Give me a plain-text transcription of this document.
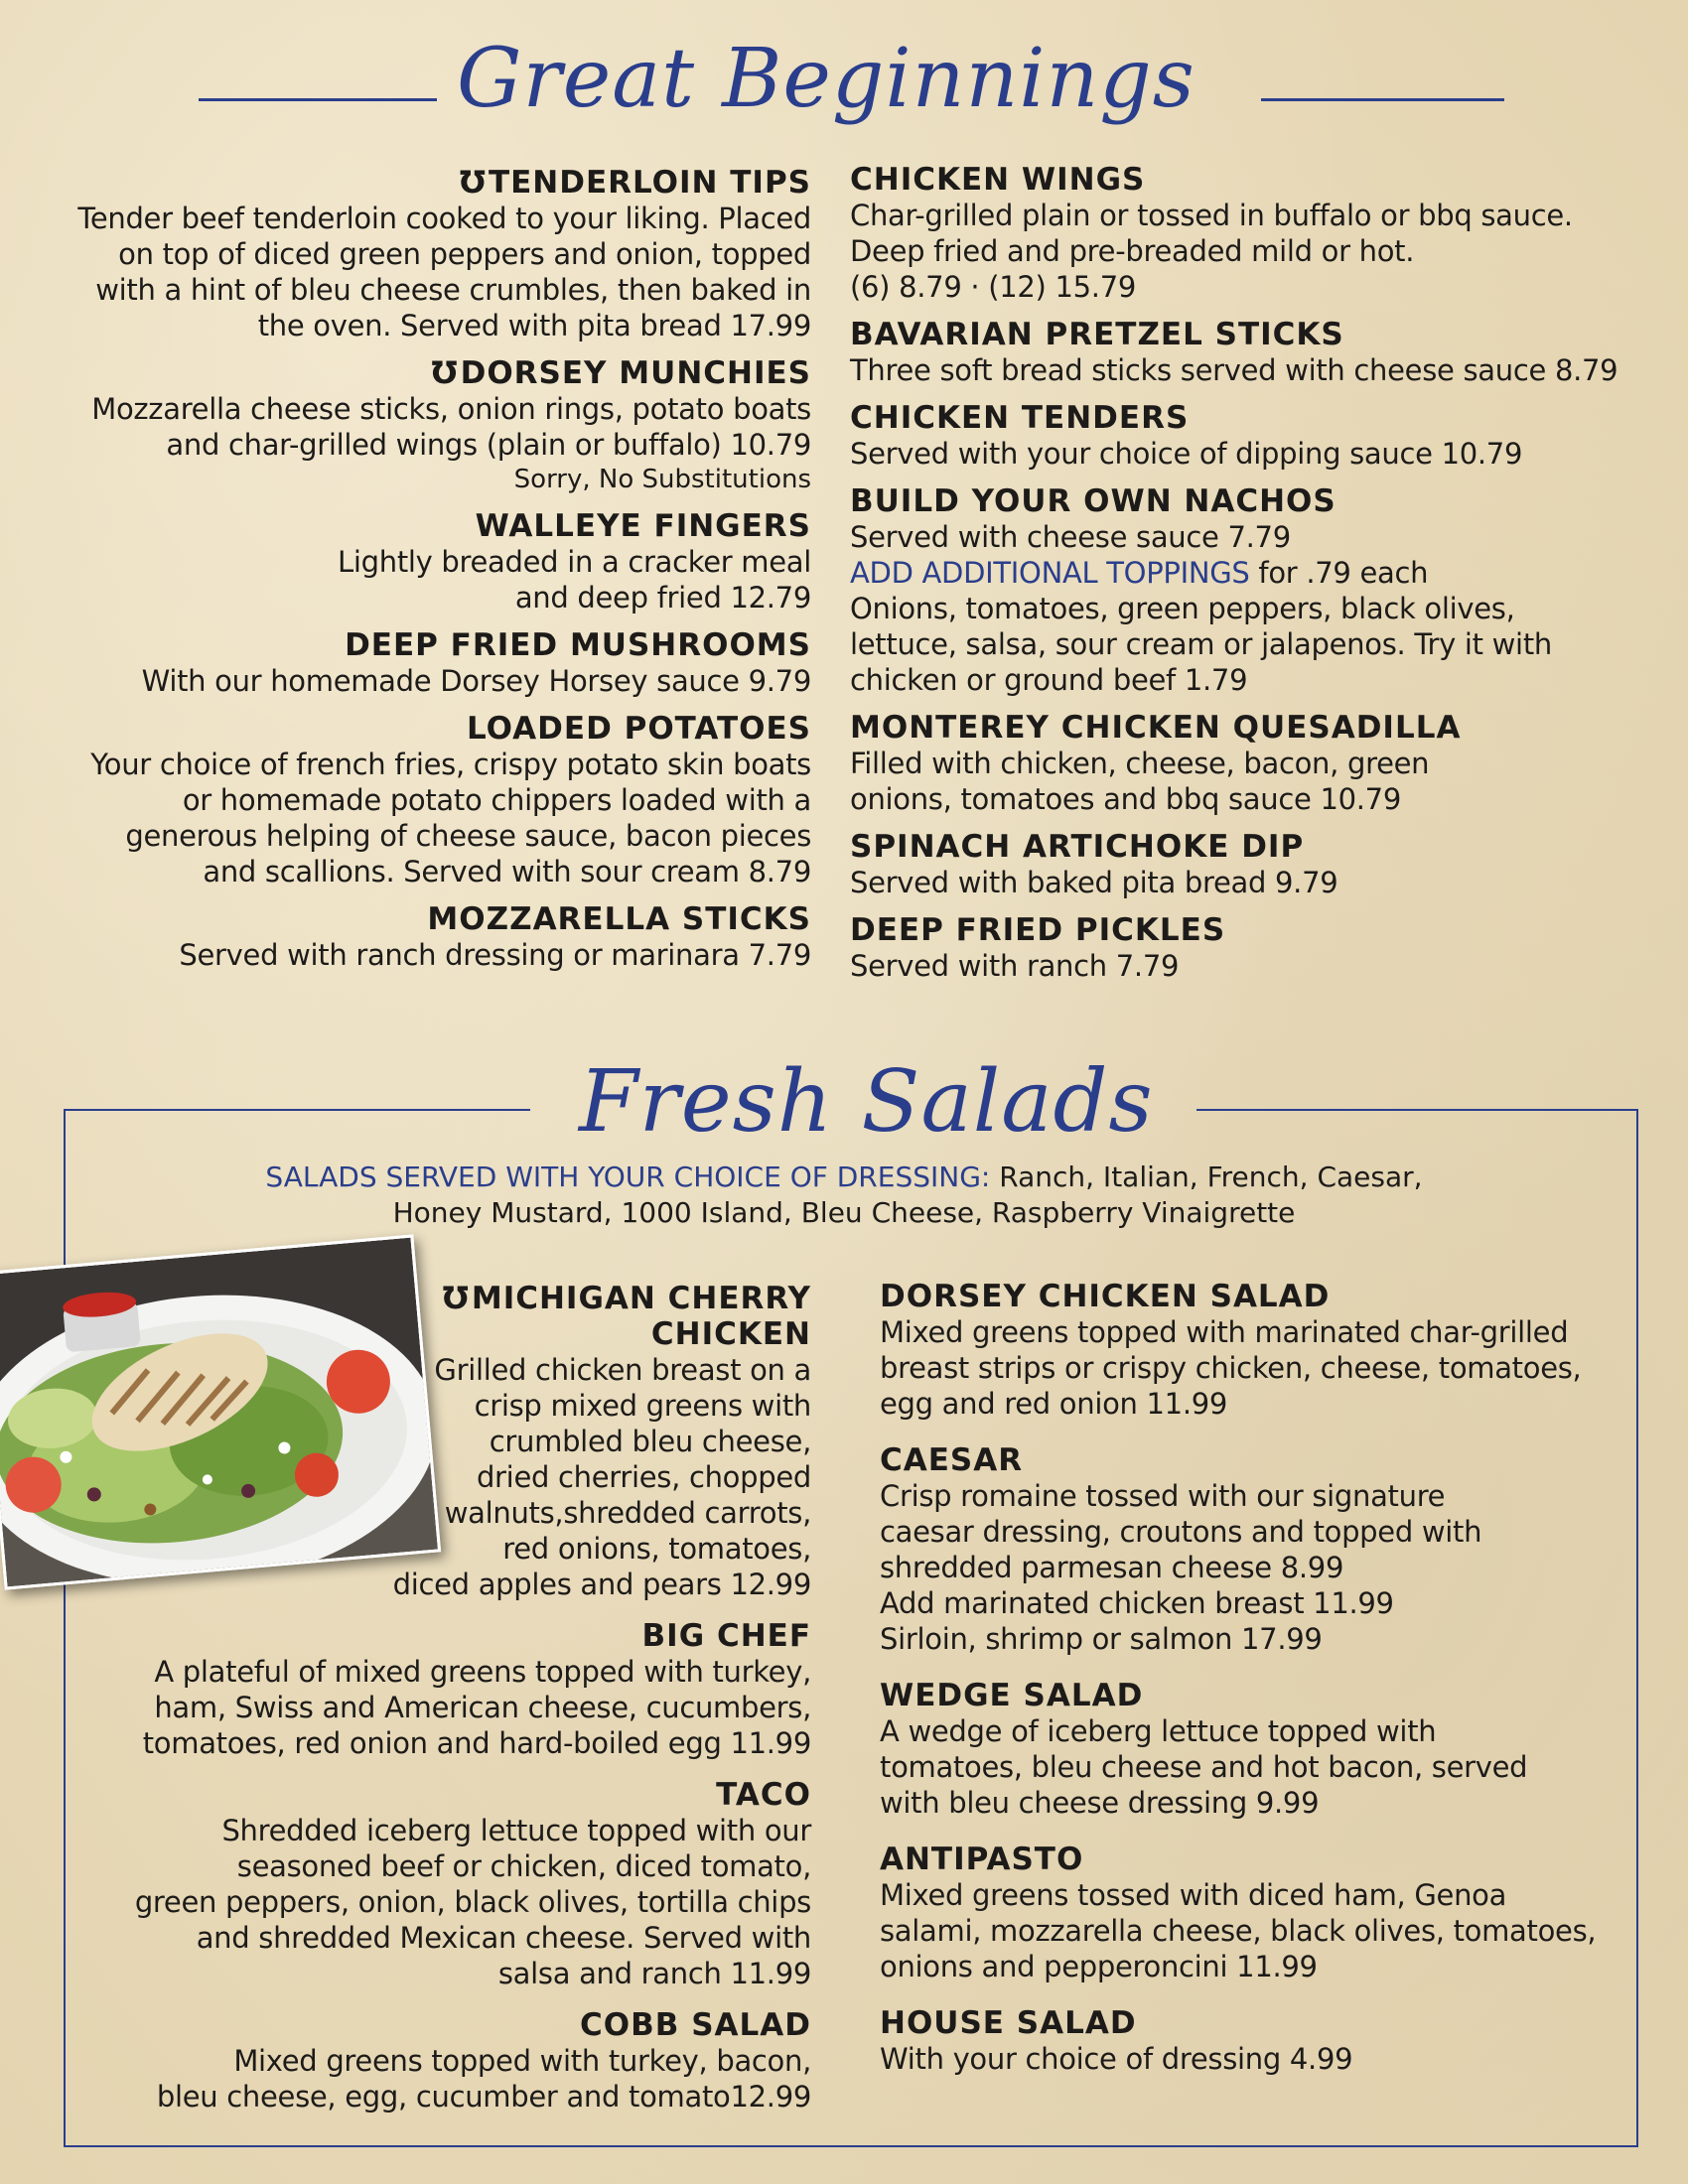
Great Beginnings
℧TENDERLOIN TIPS
Tender beef tenderloin cooked to your liking. Placed
on top of diced green peppers and onion, topped
with a hint of bleu cheese crumbles, then baked in
the oven. Served with pita bread 17.99
℧DORSEY MUNCHIES
Mozzarella cheese sticks, onion rings, potato boats
and char-grilled wings (plain or buffalo) 10.79
Sorry, No Substitutions
WALLEYE FINGERS
Lightly breaded in a cracker meal
and deep fried 12.79
DEEP FRIED MUSHROOMS
With our homemade Dorsey Horsey sauce 9.79
LOADED POTATOES
Your choice of french fries, crispy potato skin boats
or homemade potato chippers loaded with a
generous helping of cheese sauce, bacon pieces
and scallions. Served with sour cream 8.79
MOZZARELLA STICKS
Served with ranch dressing or marinara 7.79
CHICKEN WINGS
Char-grilled plain or tossed in buffalo or bbq sauce.
Deep fried and pre-breaded mild or hot.
(6) 8.79 · (12) 15.79
BAVARIAN PRETZEL STICKS
Three soft bread sticks served with cheese sauce 8.79
CHICKEN TENDERS
Served with your choice of dipping sauce 10.79
BUILD YOUR OWN NACHOS
Served with cheese sauce 7.79
ADD ADDITIONAL TOPPINGS for .79 each
Onions, tomatoes, green peppers, black olives,
lettuce, salsa, sour cream or jalapenos. Try it with
chicken or ground beef 1.79
MONTEREY CHICKEN QUESADILLA
Filled with chicken, cheese, bacon, green
onions, tomatoes and bbq sauce 10.79
SPINACH ARTICHOKE DIP
Served with baked pita bread 9.79
DEEP FRIED PICKLES
Served with ranch 7.79
Fresh Salads
SALADS SERVED WITH YOUR CHOICE OF DRESSING: Ranch, Italian, French, Caesar,
Honey Mustard, 1000 Island, Bleu Cheese, Raspberry Vinaigrette
℧MICHIGAN CHERRY
CHICKEN
Grilled chicken breast on a
crisp mixed greens with
crumbled bleu cheese,
dried cherries, chopped
walnuts,shredded carrots,
red onions, tomatoes,
diced apples and pears 12.99
BIG CHEF
A plateful of mixed greens topped with turkey,
ham, Swiss and American cheese, cucumbers,
tomatoes, red onion and hard-boiled egg 11.99
TACO
Shredded iceberg lettuce topped with our
seasoned beef or chicken, diced tomato,
green peppers, onion, black olives, tortilla chips
and shredded Mexican cheese. Served with
salsa and ranch 11.99
COBB SALAD
Mixed greens topped with turkey, bacon,
bleu cheese, egg, cucumber and tomato12.99
DORSEY CHICKEN SALAD
Mixed greens topped with marinated char-grilled
breast strips or crispy chicken, cheese, tomatoes,
egg and red onion 11.99
CAESAR
Crisp romaine tossed with our signature
caesar dressing, croutons and topped with
shredded parmesan cheese 8.99
Add marinated chicken breast 11.99
Sirloin, shrimp or salmon 17.99
WEDGE SALAD
A wedge of iceberg lettuce topped with
tomatoes, bleu cheese and hot bacon, served
with bleu cheese dressing 9.99
ANTIPASTO
Mixed greens tossed with diced ham, Genoa
salami, mozzarella cheese, black olives, tomatoes,
onions and pepperoncini 11.99
HOUSE SALAD
With your choice of dressing 4.99
